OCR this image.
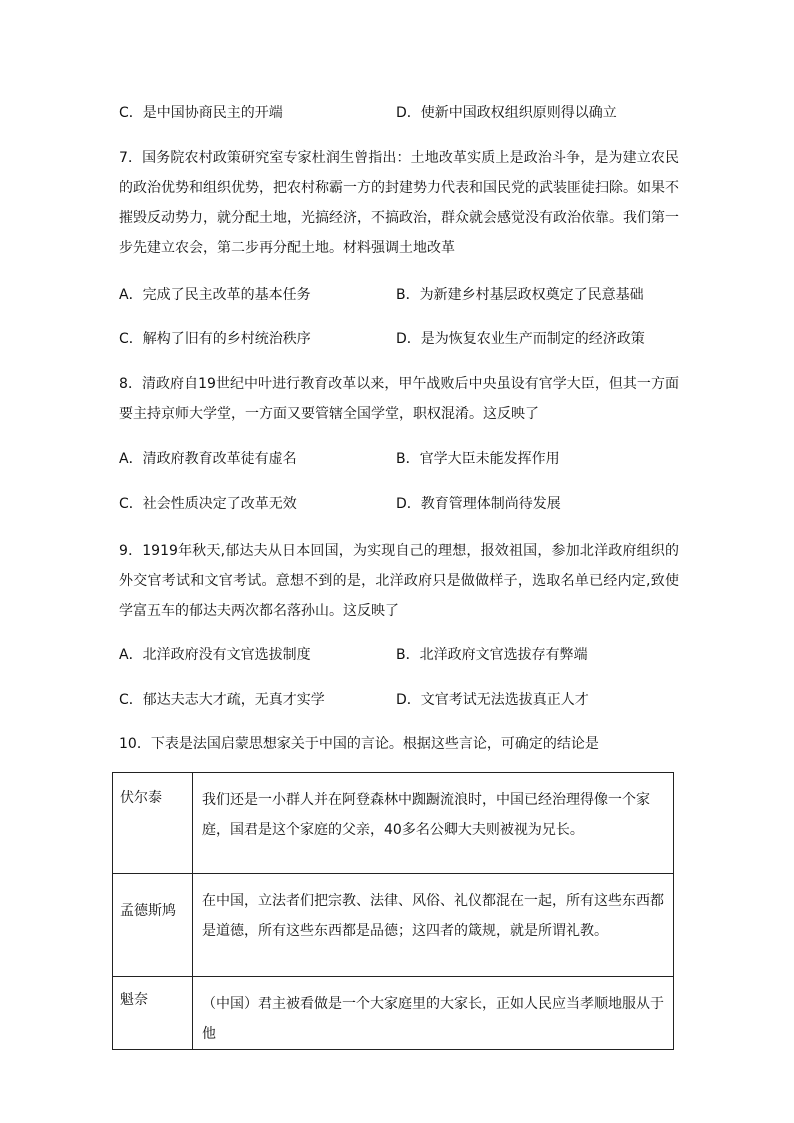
C．是中国协商民主的开端	D．使新中国政权组织原则得以确立
7．国务院农村政策研究室专家杜润生曾指出：土地改革实质上是政治斗争，是为建立农民的政治优势和组织优势，把农村称霸一方的封建势力代表和国民党的武装匪徒扫除。如果不摧毁反动势力，就分配土地，光搞经济，不搞政治，群众就会感觉没有政治依靠。我们第一步先建立农会，第二步再分配土地。材料强调土地改革
A．完成了民主改革的基本任务	B．为新建乡村基层政权奠定了民意基础
C．解构了旧有的乡村统治秩序	D．是为恢复农业生产而制定的经济政策
8．清政府自19世纪中叶进行教育改革以来，甲午战败后中央虽设有官学大臣，但其一方面要主持京师大学堂，一方面又要管辖全国学堂，职权混淆。这反映了
A．清政府教育改革徒有虚名	B．官学大臣未能发挥作用
C．社会性质决定了改革无效	D．教育管理体制尚待发展
9．1919年秋天,郁达夫从日本回国，为实现自己的理想，报效祖国，参加北洋政府组织的外交官考试和文官考试。意想不到的是，北洋政府只是做做样子，选取名单已经内定,致使学富五车的郁达夫两次都名落孙山。这反映了
A．北洋政府没有文官选拔制度	B．北洋政府文官选拔存有弊端
C．郁达夫志大才疏，无真才实学	D．文官考试无法选拔真正人才
10．下表是法国启蒙思想家关于中国的言论。根据这些言论，可确定的结论是
伏尔泰	我们还是一小群人并在阿登森林中踟蹰流浪时，中国已经治理得像一个家庭，国君是这个家庭的父亲，40多名公卿大夫则被视为兄长。
孟德斯鸠	在中国，立法者们把宗教、法律、风俗、礼仪都混在一起，所有这些东西都是道德，所有这些东西都是品德；这四者的箴规，就是所谓礼教。
魁奈	（中国）君主被看做是一个大家庭里的大家长，正如人民应当孝顺地服从于他
